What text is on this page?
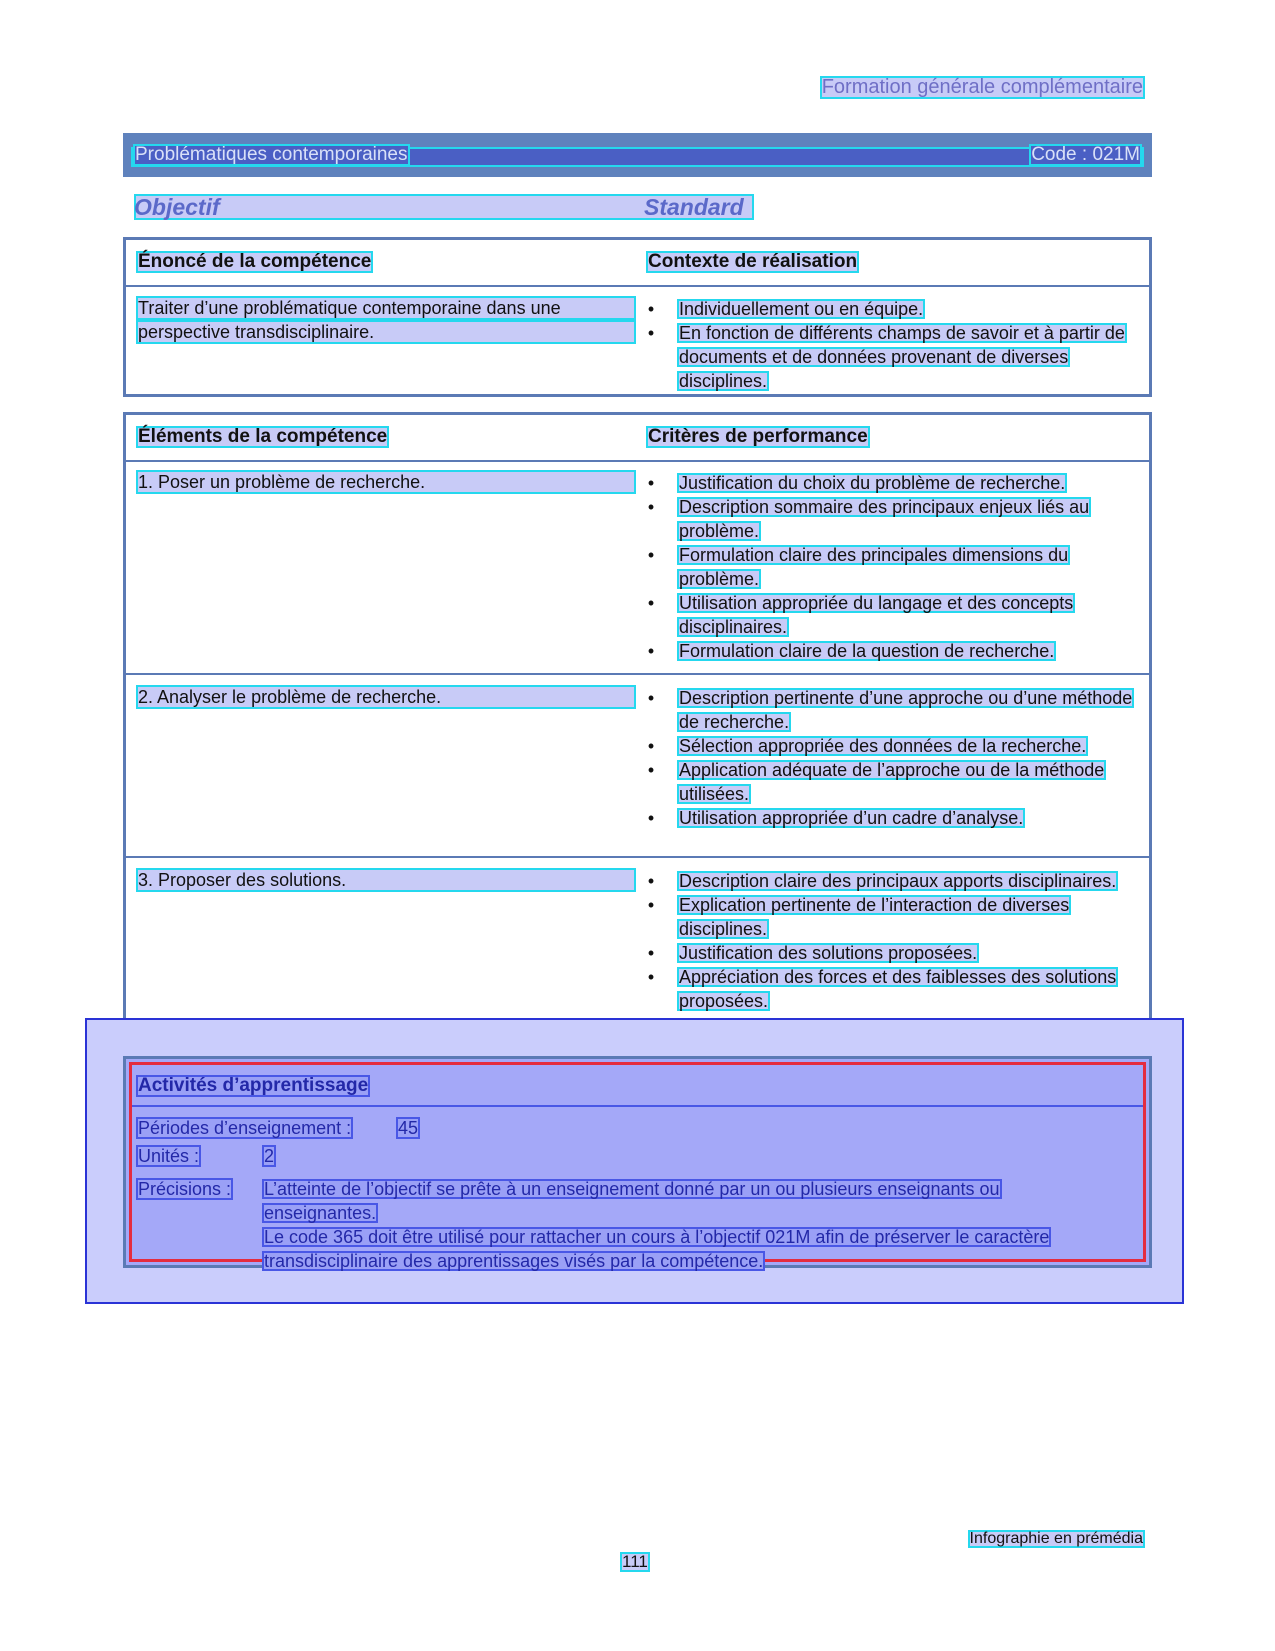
Formation générale complémentaire
Problématiques contemporaines	Code : 021M
Objectif	Standard
Énoncé de la compétence	Contexte de réalisation
Traiter d’une problématique contemporaine dans une
perspective transdisciplinaire.
• Individuellement ou en équipe.
• En fonction de différents champs de savoir et à partir de documents et de données provenant de diverses disciplines.
Éléments de la compétence	Critères de performance
1. Poser un problème de recherche.	• Justification du choix du problème de recherche.
• Description sommaire des principaux enjeux liés au problème.
• Formulation claire des principales dimensions du problème.
• Utilisation appropriée du langage et des concepts disciplinaires.
• Formulation claire de la question de recherche.
2. Analyser le problème de recherche.	• Description pertinente d’une approche ou d’une méthode de recherche.
• Sélection appropriée des données de la recherche.
• Application adéquate de l’approche ou de la méthode utilisées.
• Utilisation appropriée d’un cadre d’analyse.
3. Proposer des solutions.	• Description claire des principaux apports disciplinaires.
• Explication pertinente de l’interaction de diverses disciplines.
• Justification des solutions proposées.
• Appréciation des forces et des faiblesses des solutions proposées.
Activités d’apprentissage
Périodes d’enseignement :	45
Unités :	2
Précisions : L’atteinte de l’objectif se prête à un enseignement donné par un ou plusieurs enseignants ou enseignantes.
Le code 365 doit être utilisé pour rattacher un cours à l’objectif 021M afin de préserver le caractère transdisciplinaire des apprentissages visés par la compétence.
Infographie en prémédia
111
